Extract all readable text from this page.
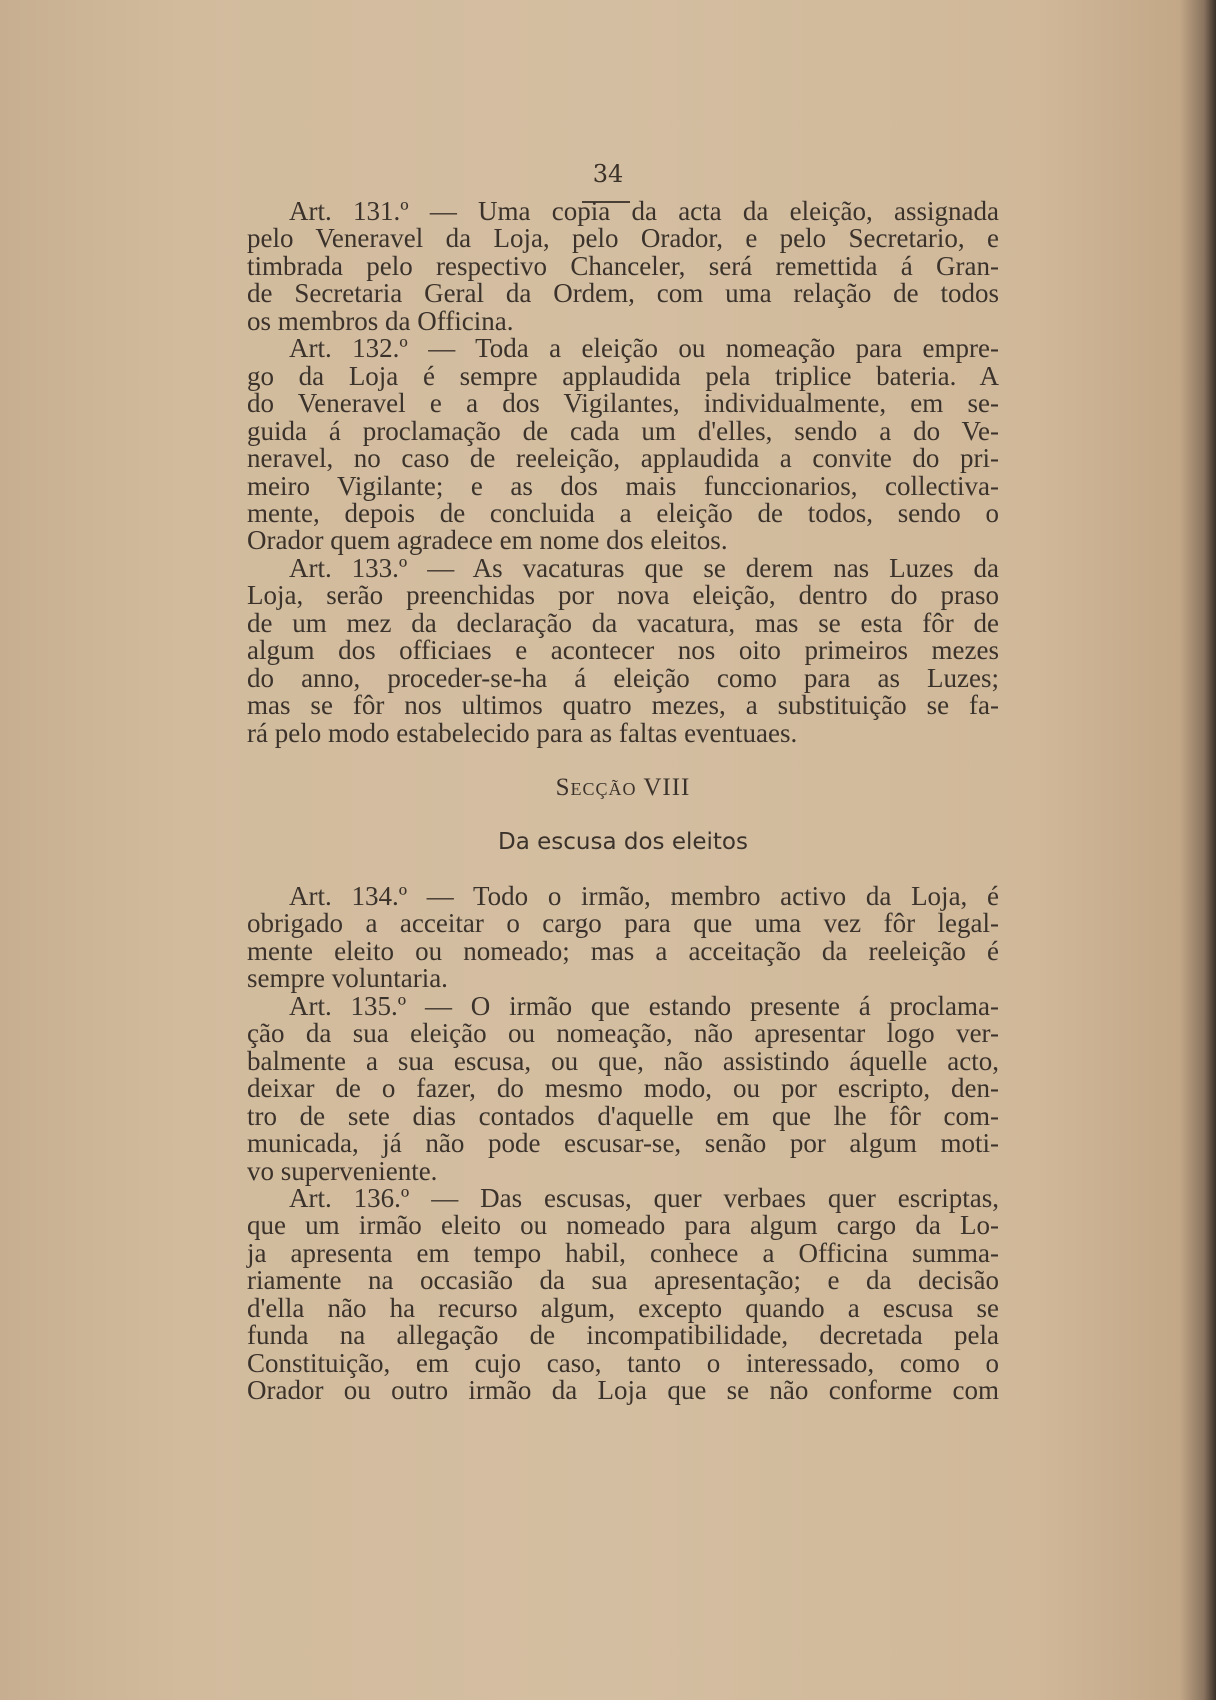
34
Art. 131.º — Uma copia da acta da eleição, assignada
pelo Veneravel da Loja, pelo Orador, e pelo Secretario, e
timbrada pelo respectivo Chanceler, será remettida á Gran-
de Secretaria Geral da Ordem, com uma relação de todos
os membros da Officina.
Art. 132.º — Toda a eleição ou nomeação para empre-
go da Loja é sempre applaudida pela triplice bateria. A
do Veneravel e a dos Vigilantes, individualmente, em se-
guida á proclamação de cada um d'elles, sendo a do Ve-
neravel, no caso de reeleição, applaudida a convite do pri-
meiro Vigilante; e as dos mais funccionarios, collectiva-
mente, depois de concluida a eleição de todos, sendo o
Orador quem agradece em nome dos eleitos.
Art. 133.º — As vacaturas que se derem nas Luzes da
Loja, serão preenchidas por nova eleição, dentro do praso
de um mez da declaração da vacatura, mas se esta fôr de
algum dos officiaes e acontecer nos oito primeiros mezes
do anno, proceder-se-ha á eleição como para as Luzes;
mas se fôr nos ultimos quatro mezes, a substituição se fa-
rá pelo modo estabelecido para as faltas eventuaes.
Secção VIII
Da escusa dos eleitos
Art. 134.º — Todo o irmão, membro activo da Loja, é
obrigado a acceitar o cargo para que uma vez fôr legal-
mente eleito ou nomeado; mas a acceitação da reeleição é
sempre voluntaria.
Art. 135.º — O irmão que estando presente á proclama-
ção da sua eleição ou nomeação, não apresentar logo ver-
balmente a sua escusa, ou que, não assistindo áquelle acto,
deixar de o fazer, do mesmo modo, ou por escripto, den-
tro de sete dias contados d'aquelle em que lhe fôr com-
municada, já não pode escusar-se, senão por algum moti-
vo superveniente.
Art. 136.º — Das escusas, quer verbaes quer escriptas,
que um irmão eleito ou nomeado para algum cargo da Lo-
ja apresenta em tempo habil, conhece a Officina summa-
riamente na occasião da sua apresentação; e da decisão
d'ella não ha recurso algum, excepto quando a escusa se
funda na allegação de incompatibilidade, decretada pela
Constituição, em cujo caso, tanto o interessado, como o
Orador ou outro irmão da Loja que se não conforme com
